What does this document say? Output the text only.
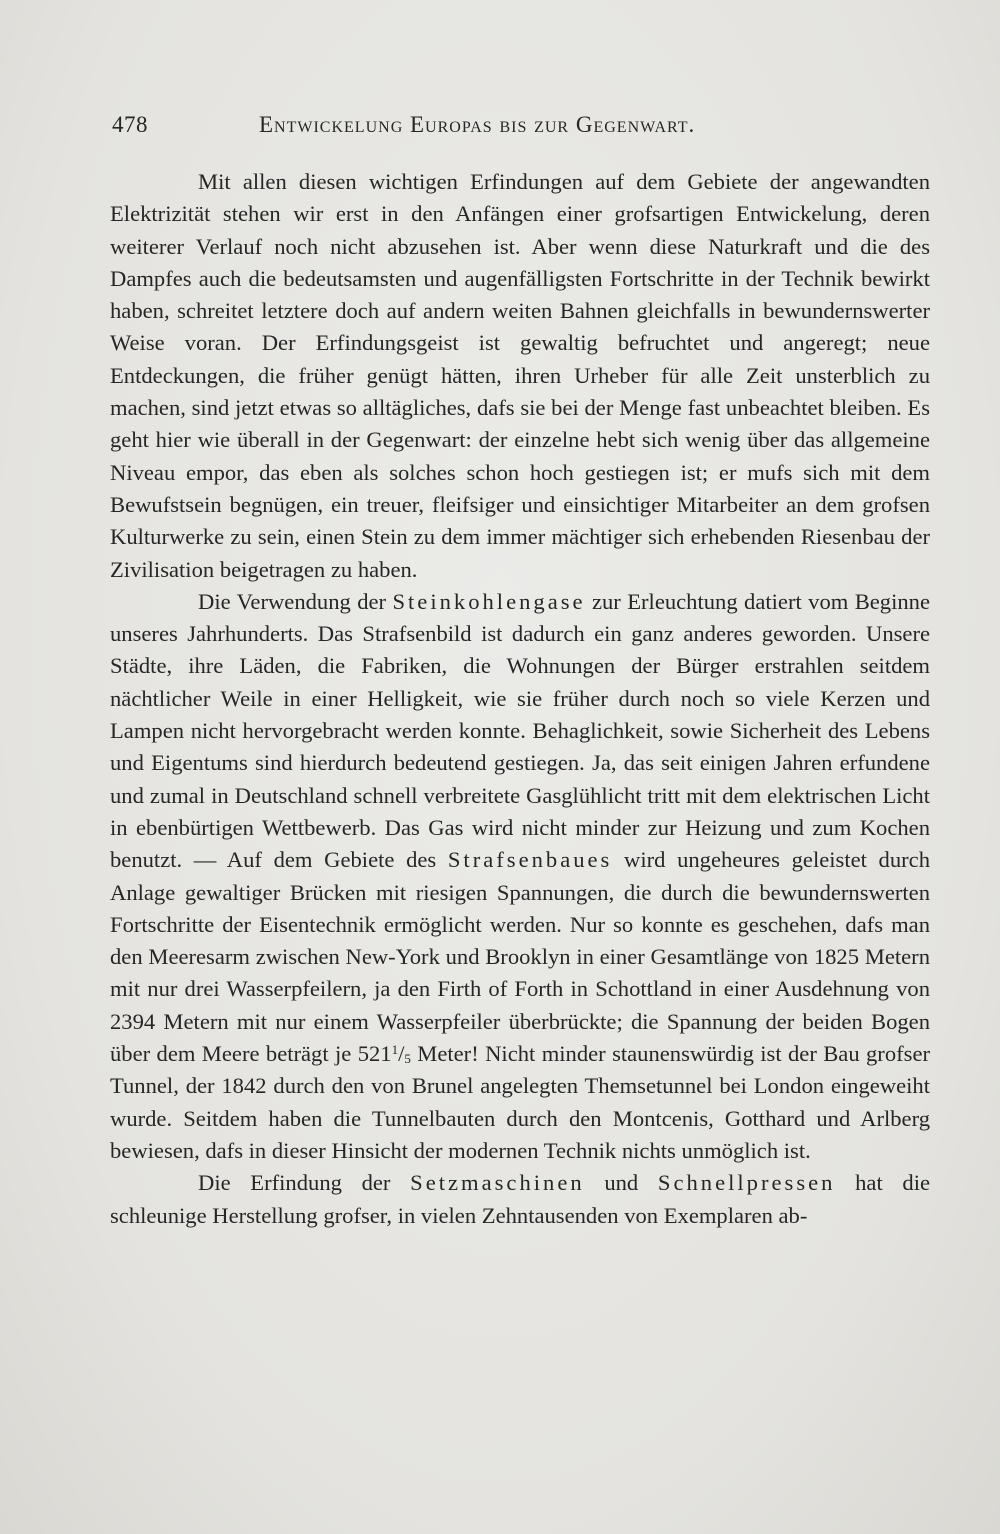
478	Entwickelung Europas bis zur Gegenwart.

Mit allen diesen wichtigen Erfindungen auf dem Gebiete der angewandten Elektrizität stehen wir erst in den Anfängen einer grofsartigen Entwickelung, deren weiterer Verlauf noch nicht abzusehen ist. Aber wenn diese Naturkraft und die des Dampfes auch die bedeutsamsten und augenfälligsten Fortschritte in der Technik bewirkt haben, schreitet letztere doch auf andern weiten Bahnen gleichfalls in bewundernswerter Weise voran. Der Erfindungsgeist ist gewaltig befruchtet und angeregt; neue Entdeckungen, die früher genügt hätten, ihren Urheber für alle Zeit unsterblich zu machen, sind jetzt etwas so alltägliches, dafs sie bei der Menge fast unbeachtet bleiben. Es geht hier wie überall in der Gegenwart: der einzelne hebt sich wenig über das allgemeine Niveau empor, das eben als solches schon hoch gestiegen ist; er mufs sich mit dem Bewufstsein begnügen, ein treuer, fleifsiger und einsichtiger Mitarbeiter an dem grofsen Kulturwerke zu sein, einen Stein zu dem immer mächtiger sich erhebenden Riesenbau der Zivilisation beigetragen zu haben.

Die Verwendung der Steinkohlengase zur Erleuchtung datiert vom Beginne unseres Jahrhunderts. Das Strafsenbild ist dadurch ein ganz anderes geworden. Unsere Städte, ihre Läden, die Fabriken, die Wohnungen der Bürger erstrahlen seitdem nächtlicher Weile in einer Helligkeit, wie sie früher durch noch so viele Kerzen und Lampen nicht hervorgebracht werden konnte. Behaglichkeit, sowie Sicherheit des Lebens und Eigentums sind hierdurch bedeutend gestiegen. Ja, das seit einigen Jahren erfundene und zumal in Deutschland schnell verbreitete Gasglühlicht tritt mit dem elektrischen Licht in ebenbürtigen Wettbewerb. Das Gas wird nicht minder zur Heizung und zum Kochen benutzt. — Auf dem Gebiete des Strafsenbaues wird ungeheures geleistet durch Anlage gewaltiger Brücken mit riesigen Spannungen, die durch die bewundernswerten Fortschritte der Eisentechnik ermöglicht werden. Nur so konnte es geschehen, dafs man den Meeresarm zwischen New-York und Brooklyn in einer Gesamtlänge von 1825 Metern mit nur drei Wasserpfeilern, ja den Firth of Forth in Schottland in einer Ausdehnung von 2394 Metern mit nur einem Wasserpfeiler überbrückte; die Spannung der beiden Bogen über dem Meere beträgt je $521^1/_5$ Meter! Nicht minder staunenswürdig ist der Bau grofser Tunnel, der 1842 durch den von Brunel angelegten Themsetunnel bei London eingeweiht wurde. Seitdem haben die Tunnelbauten durch den Montcenis, Gotthard und Arlberg bewiesen, dafs in dieser Hinsicht der modernen Technik nichts unmöglich ist.

Die Erfindung der Setzmaschinen und Schnellpressen hat die schleunige Herstellung grofser, in vielen Zehntausenden von Exemplaren ab-
